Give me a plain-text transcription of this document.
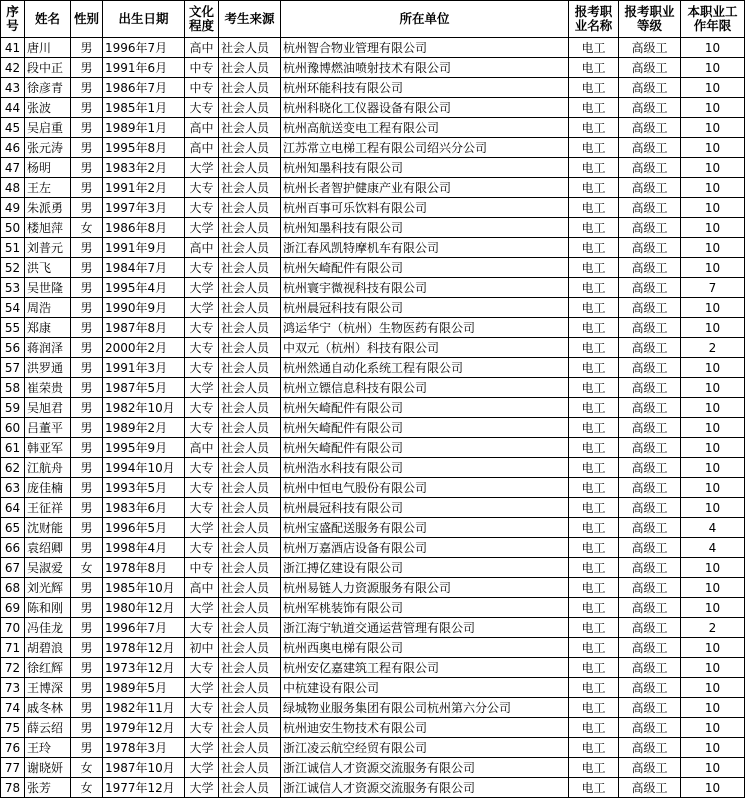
序号	姓名	性别	出生日期	文化程度	考生来源	所在单位	报考职业名称	报考职业等级	本职业工作年限
41	唐川	男	1996年7月	高中	社会人员	杭州智合物业管理有限公司	电工	高级工	10
42	段中正	男	1991年6月	中专	社会人员	杭州豫博燃油喷射技术有限公司	电工	高级工	10
43	徐彦青	男	1986年7月	中专	社会人员	杭州环能科技有限公司	电工	高级工	10
44	张波	男	1985年1月	大专	社会人员	杭州科晓化工仪器设备有限公司	电工	高级工	10
45	吴启重	男	1989年1月	高中	社会人员	杭州高航送变电工程有限公司	电工	高级工	10
46	张元涛	男	1995年8月	高中	社会人员	江苏常立电梯工程有限公司绍兴分公司	电工	高级工	10
47	杨明	男	1983年2月	大学	社会人员	杭州知墨科技有限公司	电工	高级工	10
48	王左	男	1991年2月	大专	社会人员	杭州长者智护健康产业有限公司	电工	高级工	10
49	朱派勇	男	1997年3月	大专	社会人员	杭州百事可乐饮料有限公司	电工	高级工	10
50	楼旭萍	女	1986年8月	大学	社会人员	杭州知墨科技有限公司	电工	高级工	10
51	刘普元	男	1991年9月	高中	社会人员	浙江春风凯特摩机车有限公司	电工	高级工	10
52	洪飞	男	1984年7月	大专	社会人员	杭州矢崎配件有限公司	电工	高级工	10
53	吴世隆	男	1995年4月	大学	社会人员	杭州寰宇微视科技有限公司	电工	高级工	7
54	周浩	男	1990年9月	大学	社会人员	杭州晨冠科技有限公司	电工	高级工	10
55	郑康	男	1987年8月	大专	社会人员	鸿运华宁（杭州）生物医药有限公司	电工	高级工	10
56	蒋润泽	男	2000年2月	大专	社会人员	中双元（杭州）科技有限公司	电工	高级工	2
57	洪罗通	男	1991年3月	大专	社会人员	杭州然通自动化系统工程有限公司	电工	高级工	10
58	崔荣贵	男	1987年5月	大学	社会人员	杭州立镖信息科技有限公司	电工	高级工	10
59	吴旭君	男	1982年10月	大专	社会人员	杭州矢崎配件有限公司	电工	高级工	10
60	吕董平	男	1989年2月	大专	社会人员	杭州矢崎配件有限公司	电工	高级工	10
61	韩亚军	男	1995年9月	高中	社会人员	杭州矢崎配件有限公司	电工	高级工	10
62	江航舟	男	1994年10月	大专	社会人员	杭州浩水科技有限公司	电工	高级工	10
63	庞佳楠	男	1993年5月	大专	社会人员	杭州中恒电气股份有限公司	电工	高级工	10
64	王征祥	男	1983年6月	大专	社会人员	杭州晨冠科技有限公司	电工	高级工	10
65	沈财能	男	1996年5月	大学	社会人员	杭州宝盛配送服务有限公司	电工	高级工	4
66	袁绍卿	男	1998年4月	大专	社会人员	杭州万嘉酒店设备有限公司	电工	高级工	4
67	吴淑爱	女	1978年8月	中专	社会人员	浙江搏亿建设有限公司	电工	高级工	10
68	刘光辉	男	1985年10月	高中	社会人员	杭州易链人力资源服务有限公司	电工	高级工	10
69	陈和刚	男	1980年12月	大学	社会人员	杭州军桃装饰有限公司	电工	高级工	10
70	冯佳龙	男	1996年7月	大专	社会人员	浙江海宁轨道交通运营管理有限公司	电工	高级工	2
71	胡碧浪	男	1978年12月	初中	社会人员	杭州西奥电梯有限公司	电工	高级工	10
72	徐红辉	男	1973年12月	大专	社会人员	杭州安亿嘉建筑工程有限公司	电工	高级工	10
73	王博深	男	1989年5月	大学	社会人员	中杭建设有限公司	电工	高级工	10
74	戚冬林	男	1982年11月	大专	社会人员	绿城物业服务集团有限公司杭州第六分公司	电工	高级工	10
75	薛云绍	男	1979年12月	大专	社会人员	杭州迪安生物技术有限公司	电工	高级工	10
76	王玲	男	1978年3月	大学	社会人员	浙江凌云航空经贸有限公司	电工	高级工	10
77	谢晓妍	女	1987年10月	大学	社会人员	浙江诚信人才资源交流服务有限公司	电工	高级工	10
78	张芳	女	1977年12月	大学	社会人员	浙江诚信人才资源交流服务有限公司	电工	高级工	10
